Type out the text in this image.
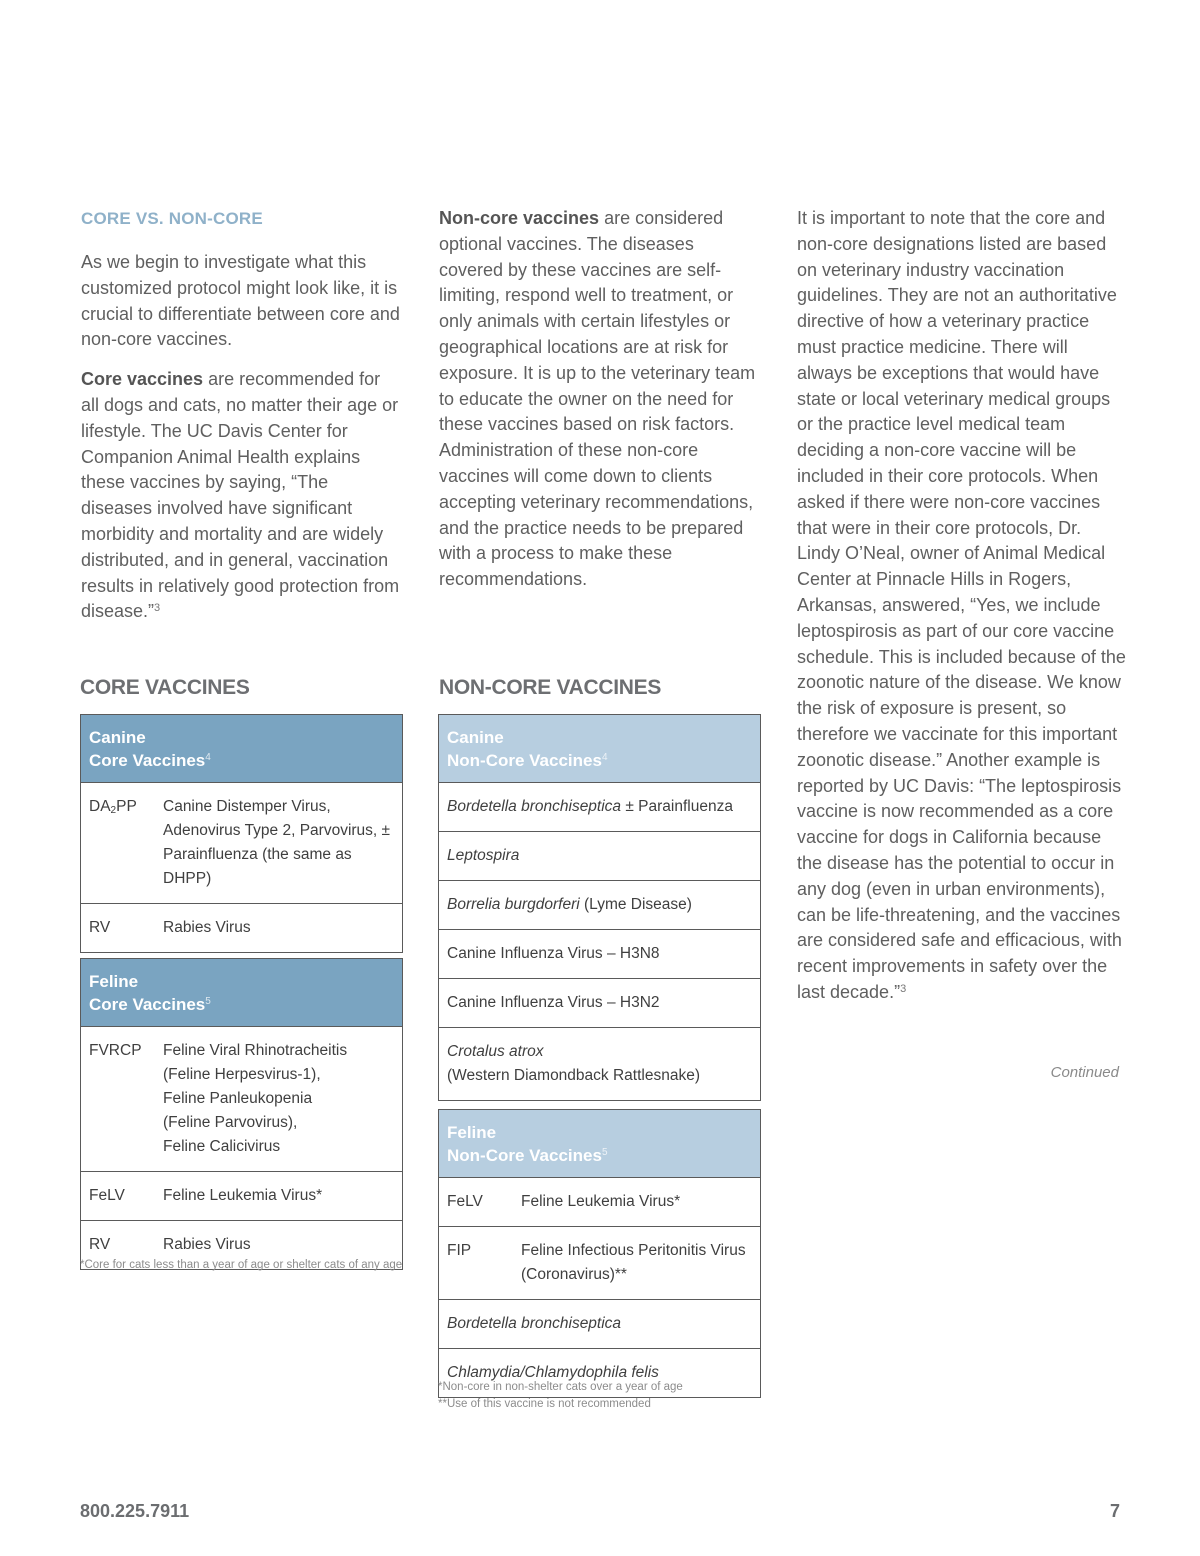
CORE VS. NON-CORE

As we begin to investigate what this customized protocol might look like, it is crucial to differentiate between core and non-core vaccines.

Core vaccines are recommended for all dogs and cats, no matter their age or lifestyle. The UC Davis Center for Companion Animal Health explains these vaccines by saying, “The diseases involved have significant morbidity and mortality and are widely distributed, and in general, vaccination results in relatively good protection from disease.”$^3$

Non-core vaccines are considered optional vaccines. The diseases covered by these vaccines are self-limiting, respond well to treatment, or only animals with certain lifestyles or geographical locations are at risk for exposure. It is up to the veterinary team to educate the owner on the need for these vaccines based on risk factors. Administration of these non-core vaccines will come down to clients accepting veterinary recommendations, and the practice needs to be prepared with a process to make these recommendations.

It is important to note that the core and non-core designations listed are based on veterinary industry vaccination guidelines. They are not an authoritative directive of how a veterinary practice must practice medicine. There will always be exceptions that would have state or local veterinary medical groups or the practice level medical team deciding a non-core vaccine will be included in their core protocols. When asked if there were non-core vaccines that were in their core protocols, Dr. Lindy O’Neal, owner of Animal Medical Center at Pinnacle Hills in Rogers, Arkansas, answered, “Yes, we include leptospirosis as part of our core vaccine schedule. This is included because of the zoonotic nature of the disease. We know the risk of exposure is present, so therefore we vaccinate for this important zoonotic disease.” Another example is reported by UC Davis: “The leptospirosis vaccine is now recommended as a core vaccine for dogs in California because the disease has the potential to occur in any dog (even in urban environments), can be life-threatening, and the vaccines are considered safe and efficacious, with recent improvements in safety over the last decade.”$^3$

Continued
CORE VACCINES	NON-CORE VACCINES
Canine
Core Vaccines$^4$
$DA_2PP$	Canine Distemper Virus, Adenovirus Type 2, Parvovirus, ± Parainfluenza (the same as DHPP)
RV	Rabies Virus
Feline
Core Vaccines$^5$
FVRCP	Feline Viral Rhinotracheitis
(Feline Herpesvirus-1),
Feline Panleukopenia
(Feline Parvovirus),
Feline Calicivirus
FeLV	Feline Leukemia Virus*
RV	Rabies Virus
*Core for cats less than a year of age or shelter cats of any age
Canine
Non-Core Vaccines$^4$
Bordetella bronchiseptica ± Parainfluenza
Leptospira
Borrelia burgdorferi (Lyme Disease)
Canine Influenza Virus – H3N8
Canine Influenza Virus – H3N2
Crotalus atrox
(Western Diamondback Rattlesnake)
Feline
Non-Core Vaccines$^5$
FeLV	Feline Leukemia Virus*
FIP	Feline Infectious Peritonitis Virus (Coronavirus)**
Bordetella bronchiseptica	
Chlamydia/Chlamydophila felis	
*Non-core in non-shelter cats over a year of age
**Use of this vaccine is not recommended
800.225.7911	7
